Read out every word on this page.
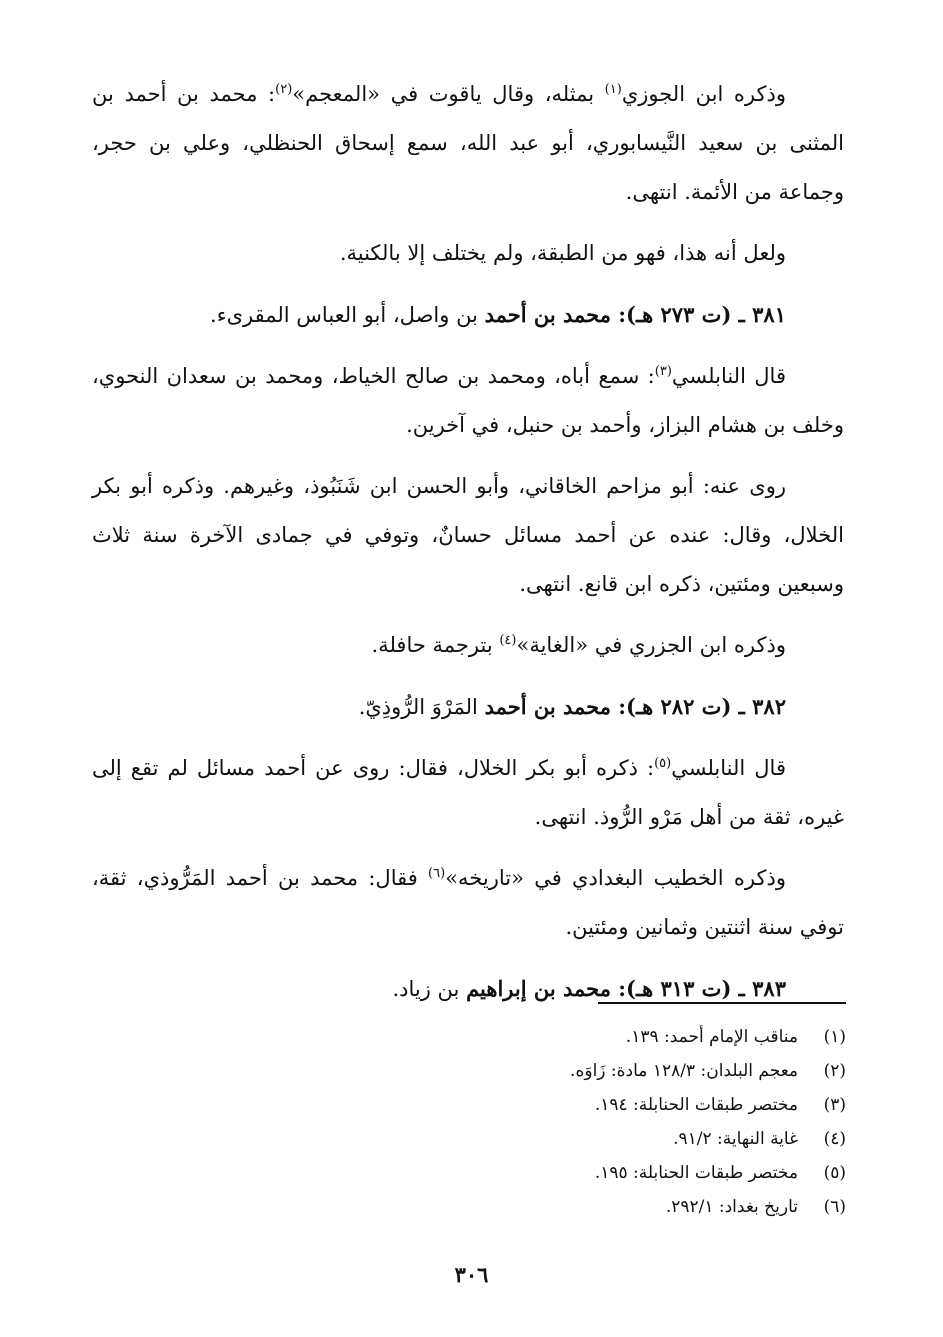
وذكره ابن الجوزي$^{(١)}$ بمثله، وقال ياقوت في «المعجم»$^{(٢)}$: محمد بن أحمد بن المثنى بن سعيد النَّيسابوري، أبو عبد الله، سمع إسحاق الحنظلي، وعلي بن حجر، وجماعة من الأئمة. انتهى.

ولعل أنه هذا، فهو من الطبقة، ولم يختلف إلا بالكنية.

٣٨١ ـ (ت ٢٧٣ هـ): محمد بن أحمد بن واصل، أبو العباس المقرىء.

قال النابلسي$^{(٣)}$: سمع أباه، ومحمد بن صالح الخياط، ومحمد بن سعدان النحوي، وخلف بن هشام البزاز، وأحمد بن حنبل، في آخرين.

روى عنه: أبو مزاحم الخاقاني، وأبو الحسن ابن شَنَبُوذ، وغيرهم. وذكره أبو بكر الخلال، وقال: عنده عن أحمد مسائل حسانٌ، وتوفي في جمادى الآخرة سنة ثلاث وسبعين ومئتين، ذكره ابن قانع. انتهى.

وذكره ابن الجزري في «الغاية»$^{(٤)}$ بترجمة حافلة.

٣٨٢ ـ (ت ٢٨٢ هـ): محمد بن أحمد المَرْوَ الرُّوذِيّ.

قال النابلسي$^{(٥)}$: ذكره أبو بكر الخلال، فقال: روى عن أحمد مسائل لم تقع إلى غيره، ثقة من أهل مَرْو الرُّوذ. انتهى.

وذكره الخطيب البغدادي في «تاريخه»$^{(٦)}$ فقال: محمد بن أحمد المَرُّوذي، ثقة، توفي سنة اثنتين وثمانين ومئتين.

٣٨٣ ـ (ت ٣١٣ هـ): محمد بن إبراهيم بن زياد.

(١)
مناقب الإمام أحمد: ١٣٩.
(٢)
معجم البلدان: ١٢٨/٣ مادة: زَاوَه.
(٣)
مختصر طبقات الحنابلة: ١٩٤.
(٤)
غاية النهاية: ٩١/٢.
(٥)
مختصر طبقات الحنابلة: ١٩٥.
(٦)
تاريخ بغداد: ٢٩٢/١.
٣٠٦
